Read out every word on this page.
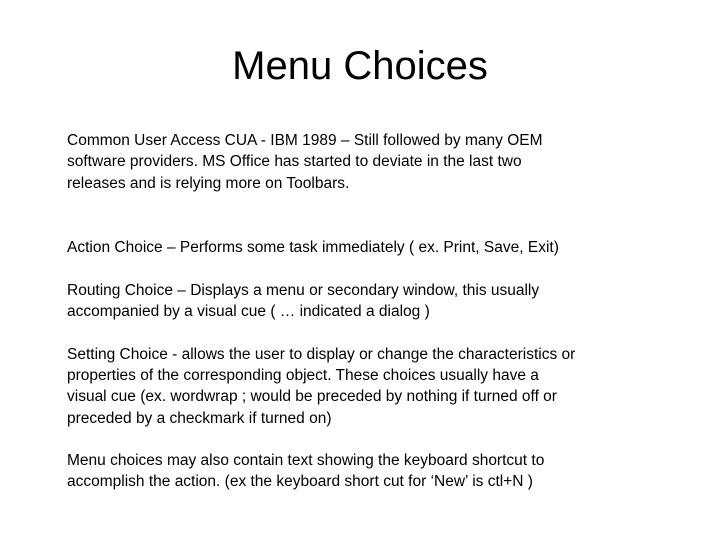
Menu Choices

Common User Access CUA - IBM 1989 – Still followed by many OEM
software providers. MS Office has started to deviate in the last two
releases and is relying more on Toolbars.

Action Choice – Performs some task immediately ( ex. Print, Save, Exit)

Routing Choice – Displays a menu or secondary window, this usually
accompanied by a visual cue ( … indicated a dialog )

Setting Choice - allows the user to display or change the characteristics or
properties of the corresponding object. These choices usually have a
visual cue (ex. wordwrap ; would be preceded by nothing if turned off or
preceded by a checkmark if turned on)

Menu choices may also contain text showing the keyboard shortcut to
accomplish the action. (ex the keyboard short cut for ‘New’ is ctl+N )
